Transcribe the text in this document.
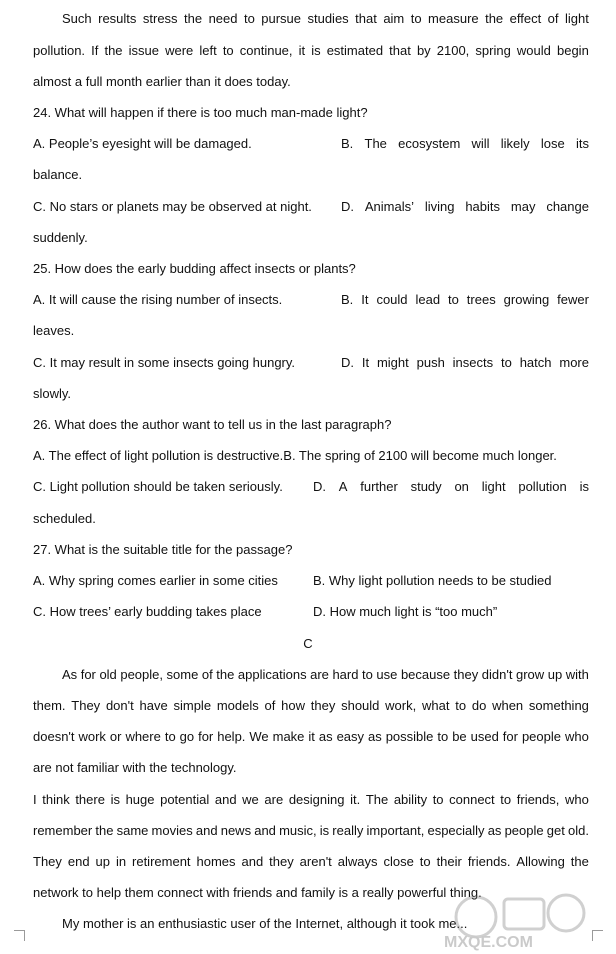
Such results stress the need to pursue studies that aim to measure the effect of light
pollution. If the issue were left to continue, it is estimated that by 2100, spring would begin
almost a full month earlier than it does today.
24. What will happen if there is too much man-made light?
A. People’s eyesight will be damaged.	B. The ecosystem will likely lose its
balance.
C. No stars or planets may be observed at night. D. Animals’ living habits may change
suddenly.
25. How does the early budding affect insects or plants?
A. It will cause the rising number of insects.	B. It could lead to trees growing fewer
leaves.
C. It may result in some insects going hungry.	D. It might push insects to hatch more
slowly.
26. What does the author want to tell us in the last paragraph?
A. The effect of light pollution is destructive.B. The spring of 2100 will become much longer.
C. Light pollution should be taken seriously. D. A further study on light pollution is
scheduled.
27. What is the suitable title for the passage?
A. Why spring comes earlier in some cities	B. Why light pollution needs to be studied
C. How trees’ early budding takes place	D. How much light is “too much”
C
As for old people, some of the applications are hard to use because they didn't grow up with
them. They don't have simple models of how they should work, what to do when something
doesn't work or where to go for help. We make it as easy as possible to be used for people who
are not familiar with the technology.
I think there is huge potential and we are designing it. The ability to connect to friends, who
remember the same movies and news and music, is really important, especially as people get old.
They end up in retirement homes and they aren't always close to their friends. Allowing the
network to help them connect with friends and family is a really powerful thing.
My mother is an enthusiastic user of the Internet, although it took me...
MXQE.COM
